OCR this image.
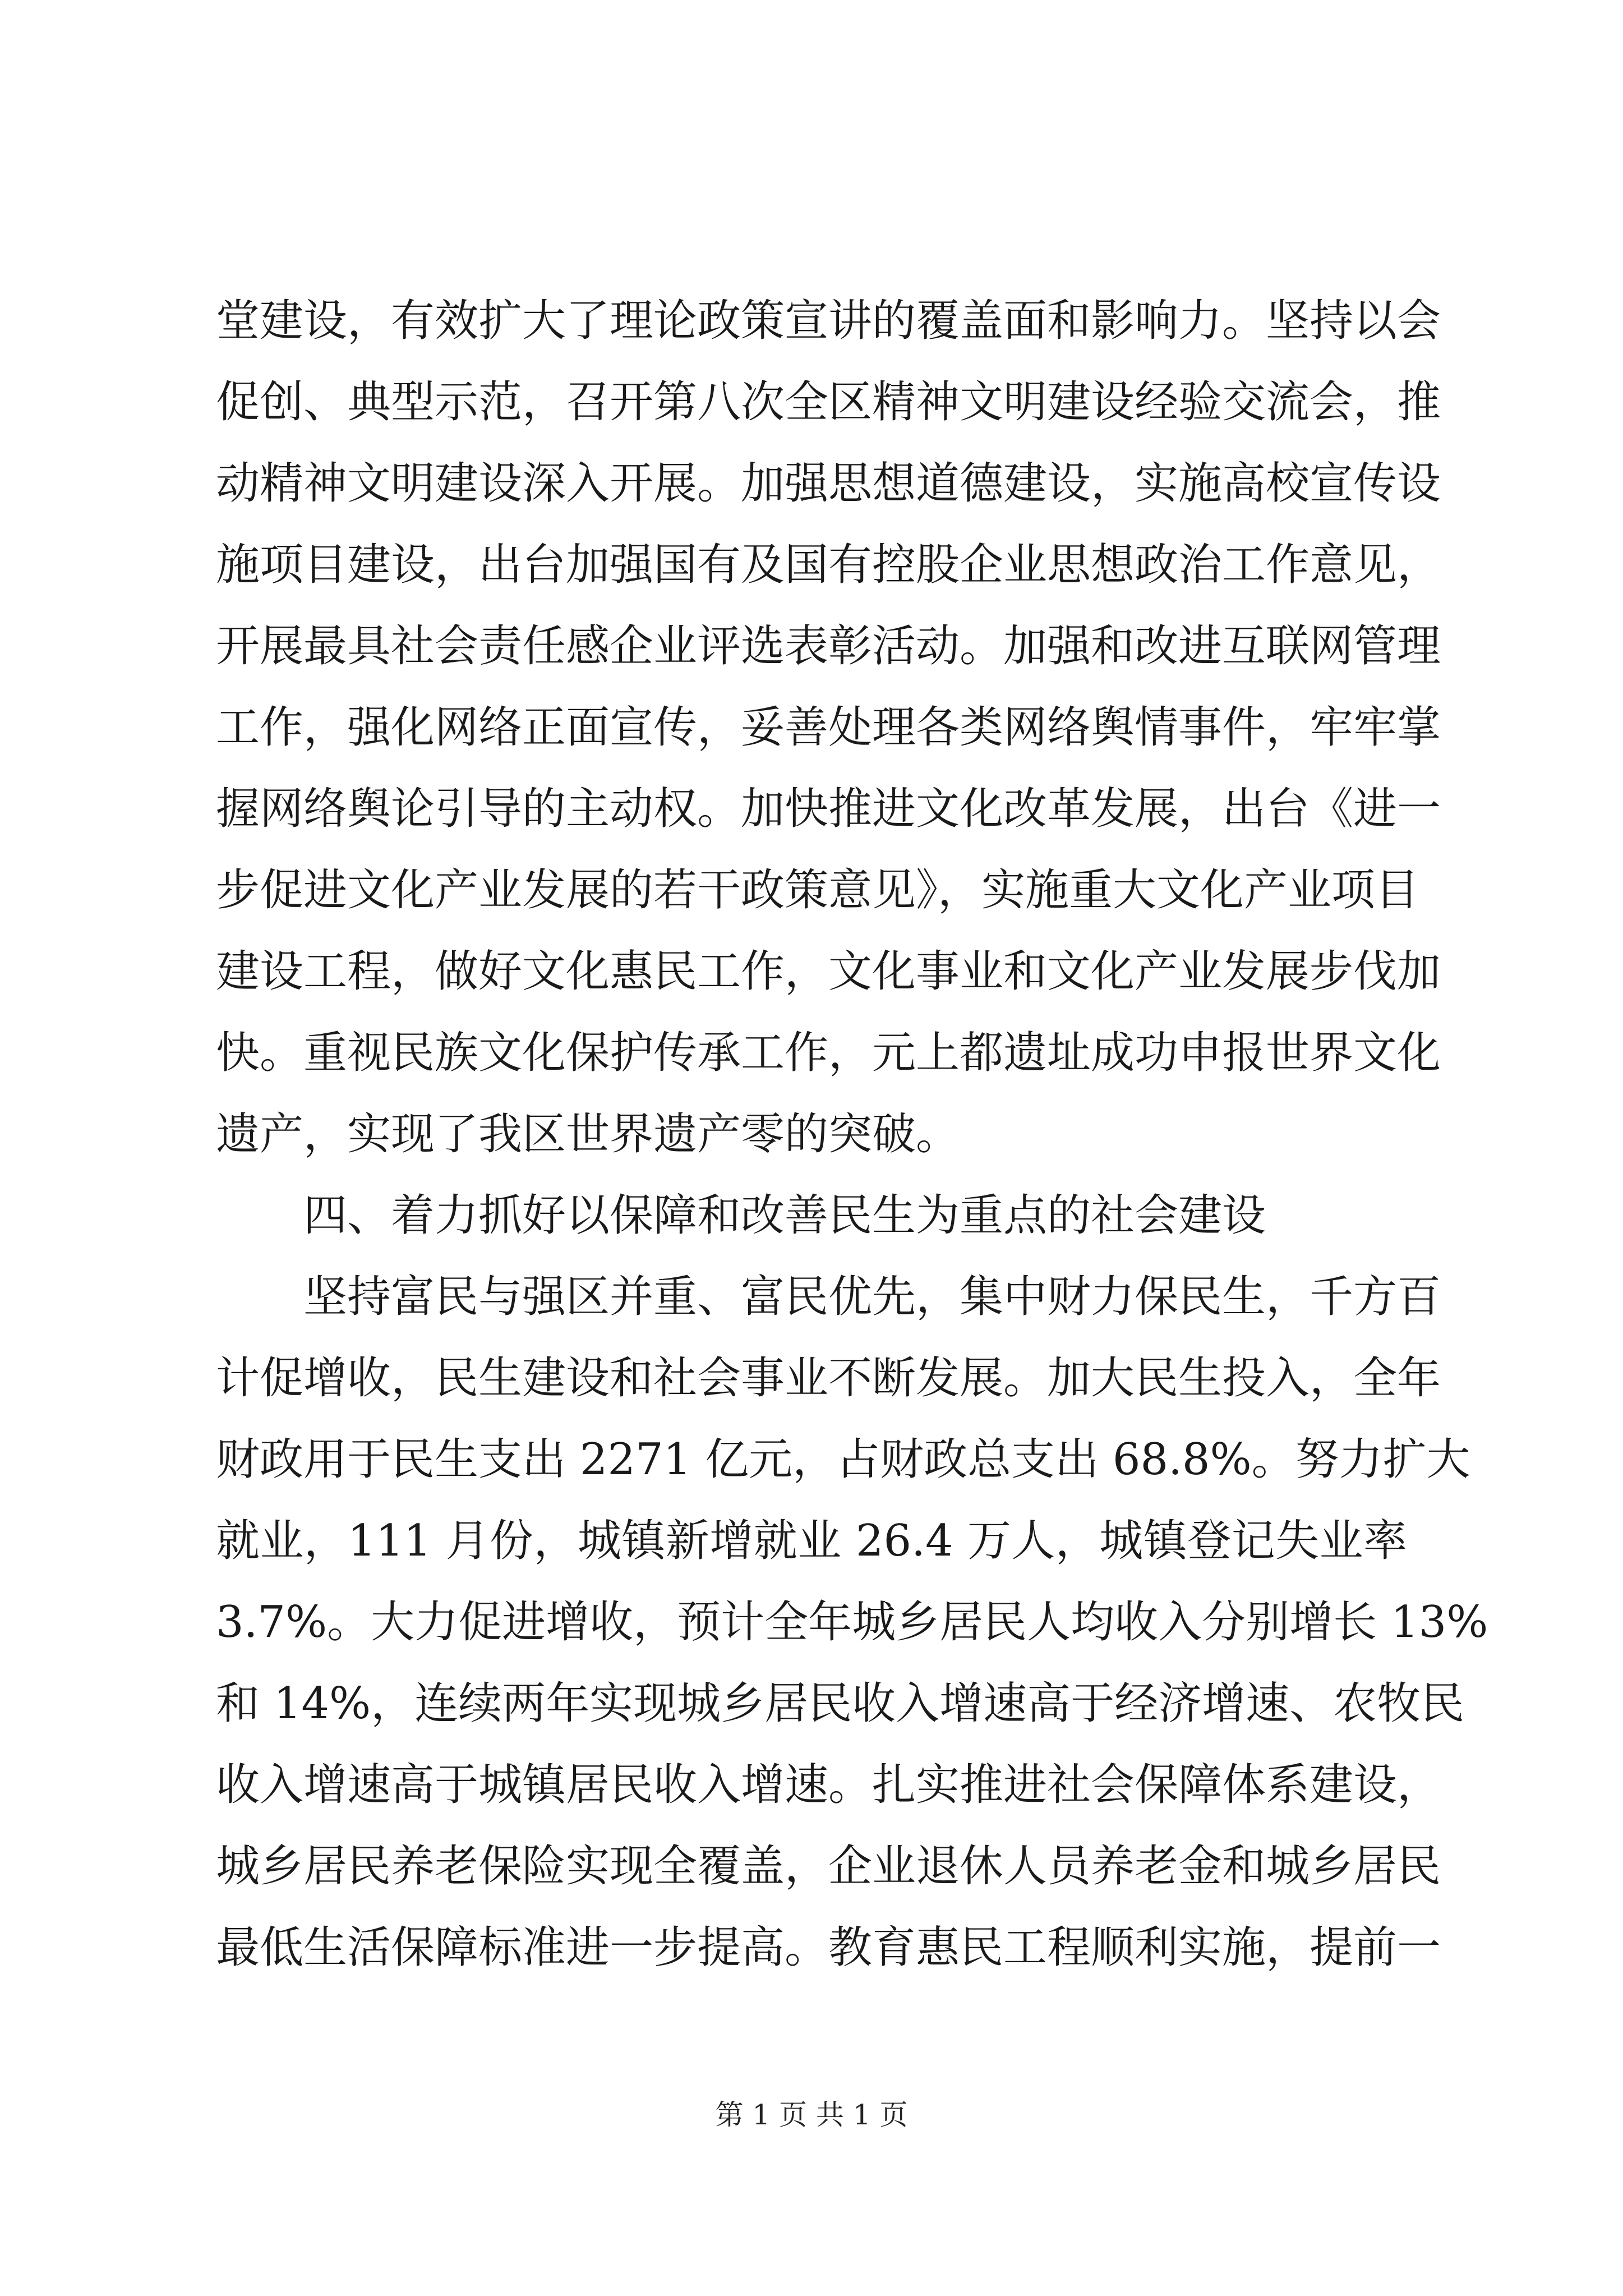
堂建设，有效扩大了理论政策宣讲的覆盖面和影响力。坚持以会
促创、典型示范，召开第八次全区精神文明建设经验交流会，推
动精神文明建设深入开展。加强思想道德建设，实施高校宣传设
施项目建设，出台加强国有及国有控股企业思想政治工作意见，
开展最具社会责任感企业评选表彰活动。加强和改进互联网管理
工作，强化网络正面宣传，妥善处理各类网络舆情事件，牢牢掌
握网络舆论引导的主动权。加快推进文化改革发展，出台《进一
步促进文化产业发展的若干政策意见》，实施重大文化产业项目
建设工程，做好文化惠民工作，文化事业和文化产业发展步伐加
快。重视民族文化保护传承工作，元上都遗址成功申报世界文化
遗产，实现了我区世界遗产零的突破。
四、着力抓好以保障和改善民生为重点的社会建设
坚持富民与强区并重、富民优先，集中财力保民生，千方百
计促增收，民生建设和社会事业不断发展。加大民生投入，全年
财政用于民生支出 2271 亿元，占财政总支出 68.8%。努力扩大
就业，111 月份，城镇新增就业 26.4 万人，城镇登记失业率
3.7%。大力促进增收，预计全年城乡居民人均收入分别增长 13%
和 14%，连续两年实现城乡居民收入增速高于经济增速、农牧民
收入增速高于城镇居民收入增速。扎实推进社会保障体系建设，
城乡居民养老保险实现全覆盖，企业退休人员养老金和城乡居民
最低生活保障标准进一步提高。教育惠民工程顺利实施，提前一
第 1 页 共 1 页
